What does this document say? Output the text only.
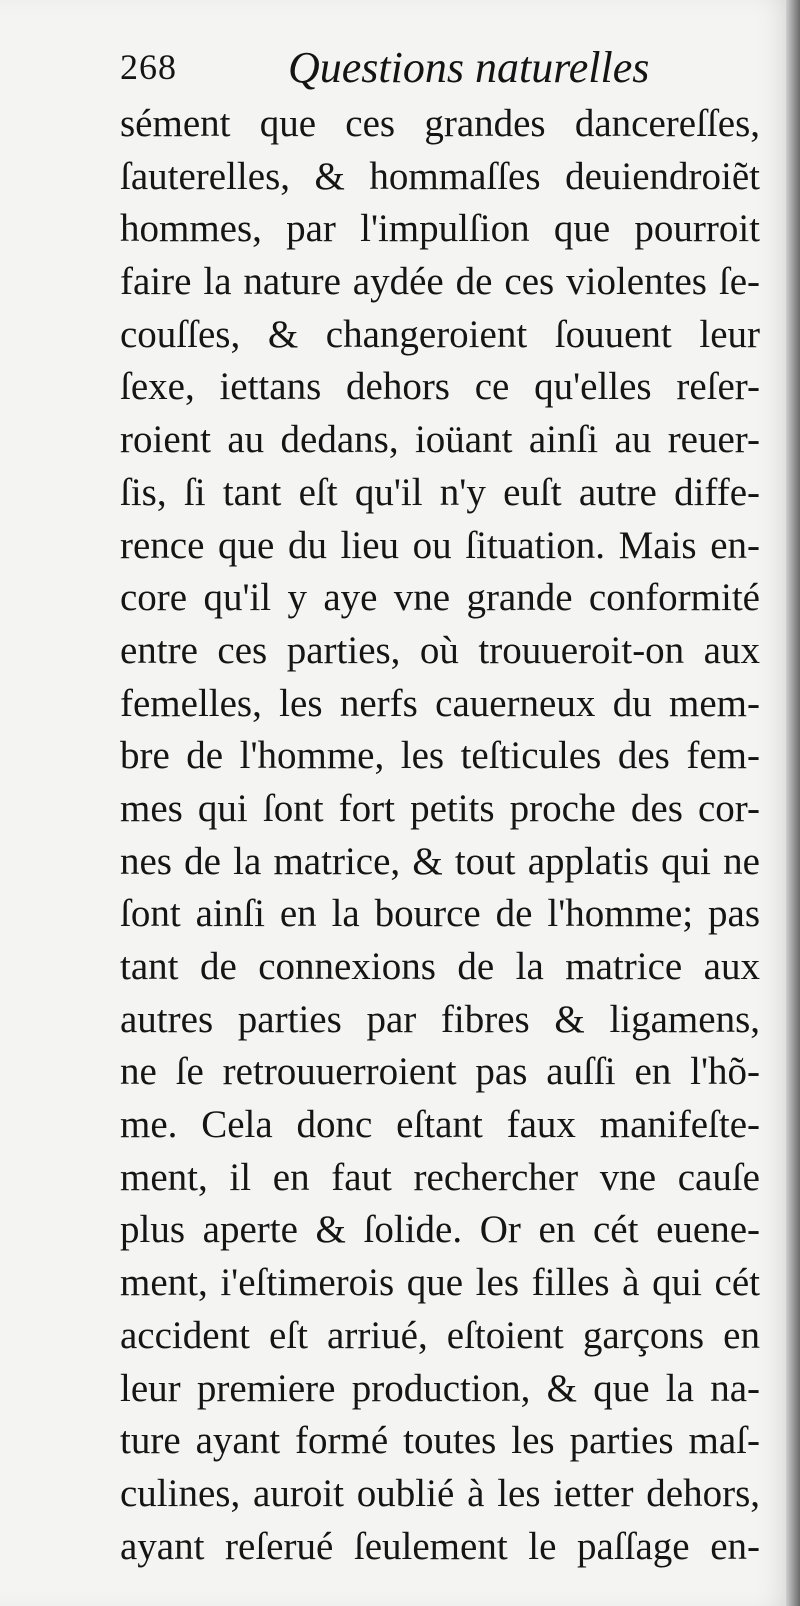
268	Questions naturelles
sément que ces grandes dancereſſes,
ſauterelles, & hommaſſes deuiendroiẽt
hommes, par l'impulſion que pourroit
faire la nature aydée de ces violentes ſe-
couſſes, & changeroient ſouuent leur
ſexe, iettans dehors ce qu'elles reſer-
roient au dedans, ioüant ainſi au reuer-
ſis, ſi tant eſt qu'il n'y euſt autre diffe-
rence que du lieu ou ſituation. Mais en-
core qu'il y aye vne grande conformité
entre ces parties, où trouueroit-on aux
femelles, les nerfs cauerneux du mem-
bre de l'homme, les teſticules des fem-
mes qui ſont fort petits proche des cor-
nes de la matrice, & tout applatis qui ne
ſont ainſi en la bource de l'homme; pas
tant de connexions de la matrice aux
autres parties par fibres & ligamens,
ne ſe retrouuerroient pas auſſi en l'hõ-
me. Cela donc eſtant faux manifeſte-
ment, il en faut rechercher vne cauſe
plus aperte & ſolide. Or en cét euene-
ment, i'eſtimerois que les filles à qui cét
accident eſt arriué, eſtoient garçons en
leur premiere production, & que la na-
ture ayant formé toutes les parties maſ-
culines, auroit oublié à les ietter dehors,
ayant reſerué ſeulement le paſſage en-
